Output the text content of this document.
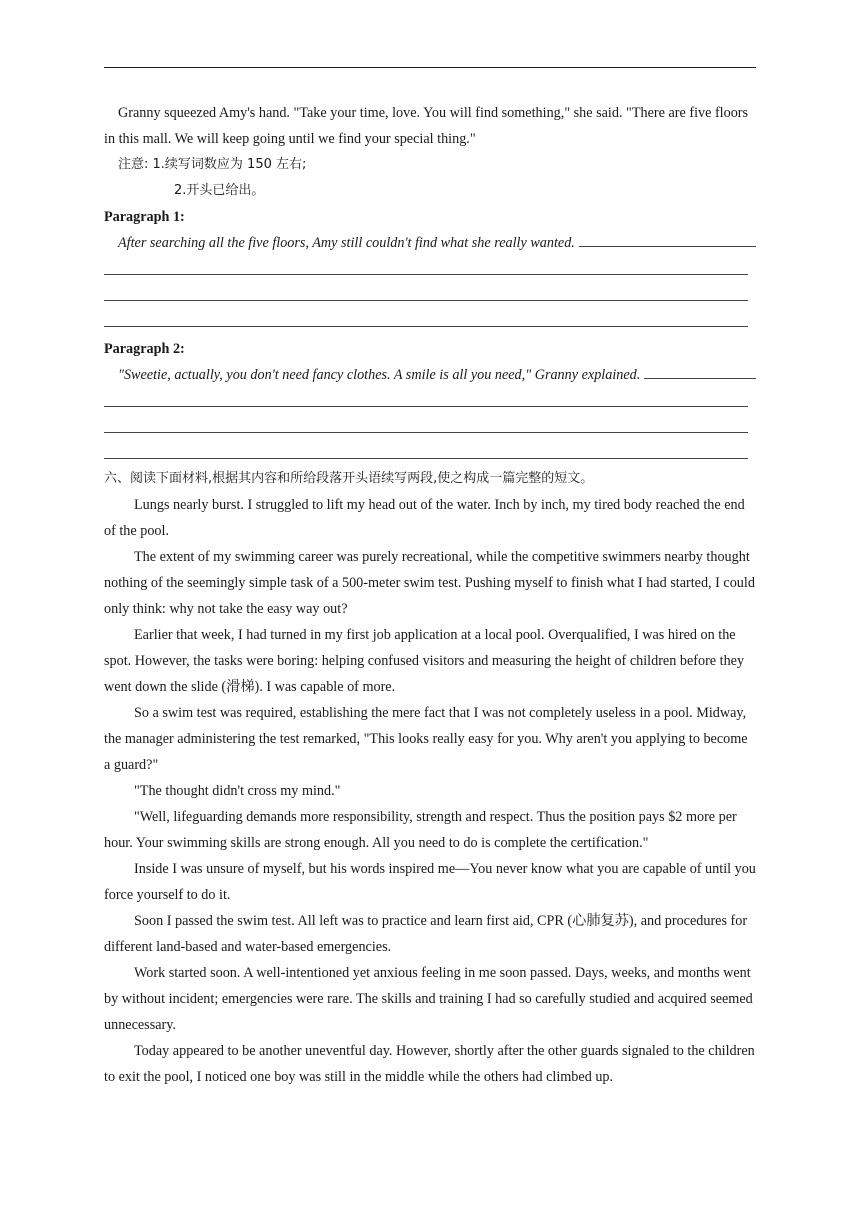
Granny squeezed Amy's hand. "Take your time, love. You will find something," she said. "There are five floors in this mall. We will keep going until we find your special thing."

注意: 1.续写词数应为 150 左右;

2.开头已给出。

Paragraph 1:

After searching all the five floors, Amy still couldn't find what she really wanted.

Paragraph 2:

"Sweetie, actually, you don't need fancy clothes. A smile is all you need," Granny explained.

六、阅读下面材料,根据其内容和所给段落开头语续写两段,使之构成一篇完整的短文。

Lungs nearly burst. I struggled to lift my head out of the water. Inch by inch, my tired body reached the end of the pool.

The extent of my swimming career was purely recreational, while the competitive swimmers nearby thought nothing of the seemingly simple task of a 500-meter swim test. Pushing myself to finish what I had started, I could only think: why not take the easy way out?

Earlier that week, I had turned in my first job application at a local pool. Overqualified, I was hired on the spot. However, the tasks were boring: helping confused visitors and measuring the height of children before they went down the slide (滑梯). I was capable of more.

So a swim test was required, establishing the mere fact that I was not completely useless in a pool. Midway, the manager administering the test remarked, "This looks really easy for you. Why aren't you applying to become a guard?"

"The thought didn't cross my mind."

"Well, lifeguarding demands more responsibility, strength and respect. Thus the position pays $2 more per hour. Your swimming skills are strong enough. All you need to do is complete the certification."

Inside I was unsure of myself, but his words inspired me—You never know what you are capable of until you force yourself to do it.

Soon I passed the swim test. All left was to practice and learn first aid, CPR (心肺复苏), and procedures for different land-based and water-based emergencies.

Work started soon. A well-intentioned yet anxious feeling in me soon passed. Days, weeks, and months went by without incident; emergencies were rare. The skills and training I had so carefully studied and acquired seemed unnecessary.

Today appeared to be another uneventful day. However, shortly after the other guards signaled to the children to exit the pool, I noticed one boy was still in the middle while the others had climbed up.
